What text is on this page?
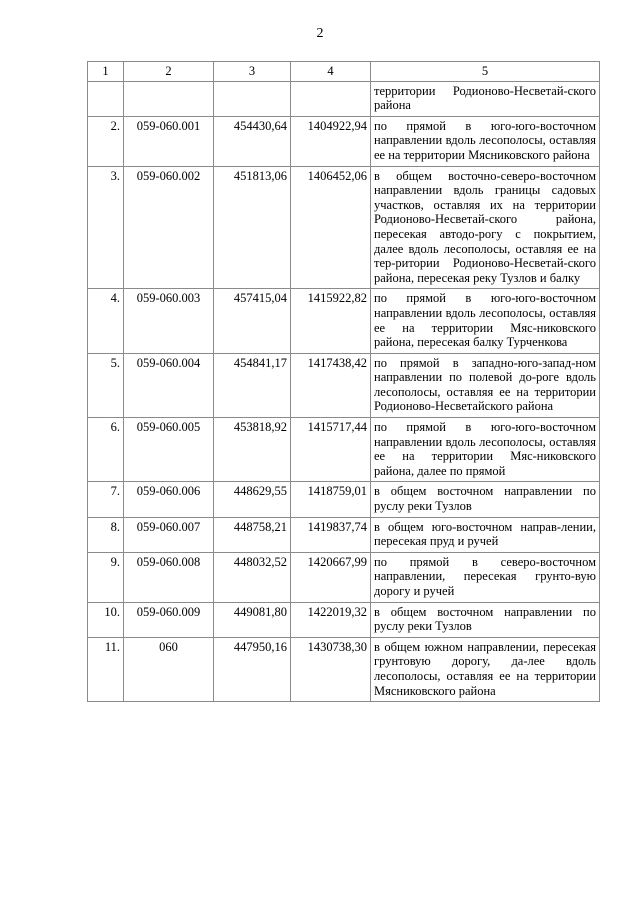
2
1	2	3	4	5
				территории Родионово-Несветай-ского района
2.	059-060.001	454430,64	1404922,94	по прямой в юго-юго-восточном направлении вдоль лесополосы, оставляя ее на территории Мясниковского района
3.	059-060.002	451813,06	1406452,06	в общем восточно-северо-восточном направлении вдоль границы садовых участков, оставляя их на территории Родионово-Несветай-ского района, пересекая автодо-рогу с покрытием, далее вдоль лесополосы, оставляя ее на тер-ритории Родионово-Несветай-ского района, пересекая реку Тузлов и балку
4.	059-060.003	457415,04	1415922,82	по прямой в юго-юго-восточном направлении вдоль лесополосы, оставляя ее на территории Мяс-никовского района, пересекая балку Турченкова
5.	059-060.004	454841,17	1417438,42	по прямой в западно-юго-запад-ном направлении по полевой до-роге вдоль лесополосы, оставляя ее на территории Родионово-Несветайского района
6.	059-060.005	453818,92	1415717,44	по прямой в юго-юго-восточном направлении вдоль лесополосы, оставляя ее на территории Мяс-никовского района, далее по прямой
7.	059-060.006	448629,55	1418759,01	в общем восточном направлении по руслу реки Тузлов
8.	059-060.007	448758,21	1419837,74	в общем юго-восточном направ-лении, пересекая пруд и ручей
9.	059-060.008	448032,52	1420667,99	по прямой в северо-восточном направлении, пересекая грунто-вую дорогу и ручей
10.	059-060.009	449081,80	1422019,32	в общем восточном направлении по руслу реки Тузлов
11.	060	447950,16	1430738,30	в общем южном направлении, пересекая грунтовую дорогу, да-лее вдоль лесополосы, оставляя ее на территории Мясниковского района
